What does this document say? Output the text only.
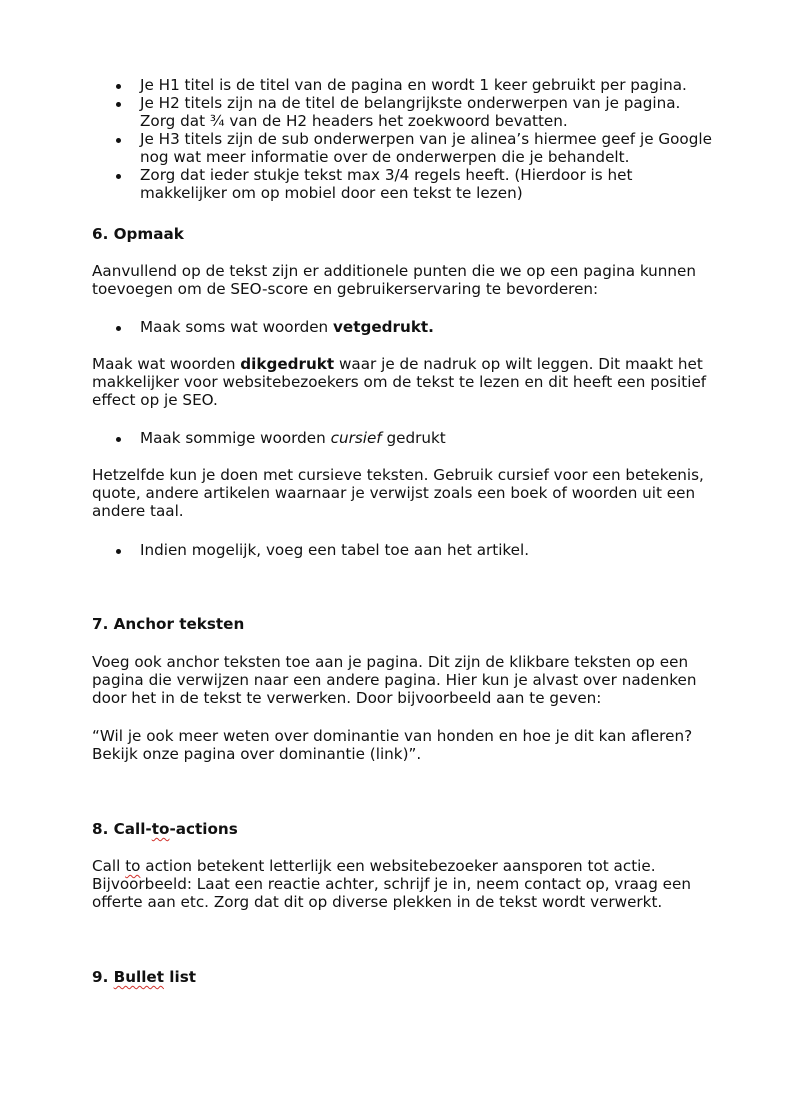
Je H1 titel is de titel van de pagina en wordt 1 keer gebruikt per pagina.
Je H2 titels zijn na de titel de belangrijkste onderwerpen van je pagina. Zorg dat ¾ van de H2 headers het zoekwoord bevatten.
Je H3 titels zijn de sub onderwerpen van je alinea’s hiermee geef je Google nog wat meer informatie over de onderwerpen die je behandelt.
Zorg dat ieder stukje tekst max 3/4 regels heeft. (Hierdoor is het makkelijker om op mobiel door een tekst te lezen)
6. Opmaak

Aanvullend op de tekst zijn er additionele punten die we op een pagina kunnen toevoegen om de SEO-score en gebruikerservaring te bevorderen:

Maak soms wat woorden vetgedrukt.

Maak wat woorden dikgedrukt waar je de nadruk op wilt leggen. Dit maakt het makkelijker voor websitebezoekers om de tekst te lezen en dit heeft een positief effect op je SEO.

Maak sommige woorden cursief gedrukt

Hetzelfde kun je doen met cursieve teksten. Gebruik cursief voor een betekenis, quote, andere artikelen waarnaar je verwijst zoals een boek of woorden uit een andere taal.

Indien mogelijk, voeg een tabel toe aan het artikel.
7. Anchor teksten

Voeg ook anchor teksten toe aan je pagina. Dit zijn de klikbare teksten op een pagina die verwijzen naar een andere pagina. Hier kun je alvast over nadenken door het in de tekst te verwerken. Door bijvoorbeeld aan te geven:

“Wil je ook meer weten over dominantie van honden en hoe je dit kan afleren? Bekijk onze pagina over dominantie (link)”.

8. Call-to-actions

Call to action betekent letterlijk een websitebezoeker aansporen tot actie. Bijvoorbeeld: Laat een reactie achter, schrijf je in, neem contact op, vraag een offerte aan etc. Zorg dat dit op diverse plekken in de tekst wordt verwerkt.

9. Bullet list
